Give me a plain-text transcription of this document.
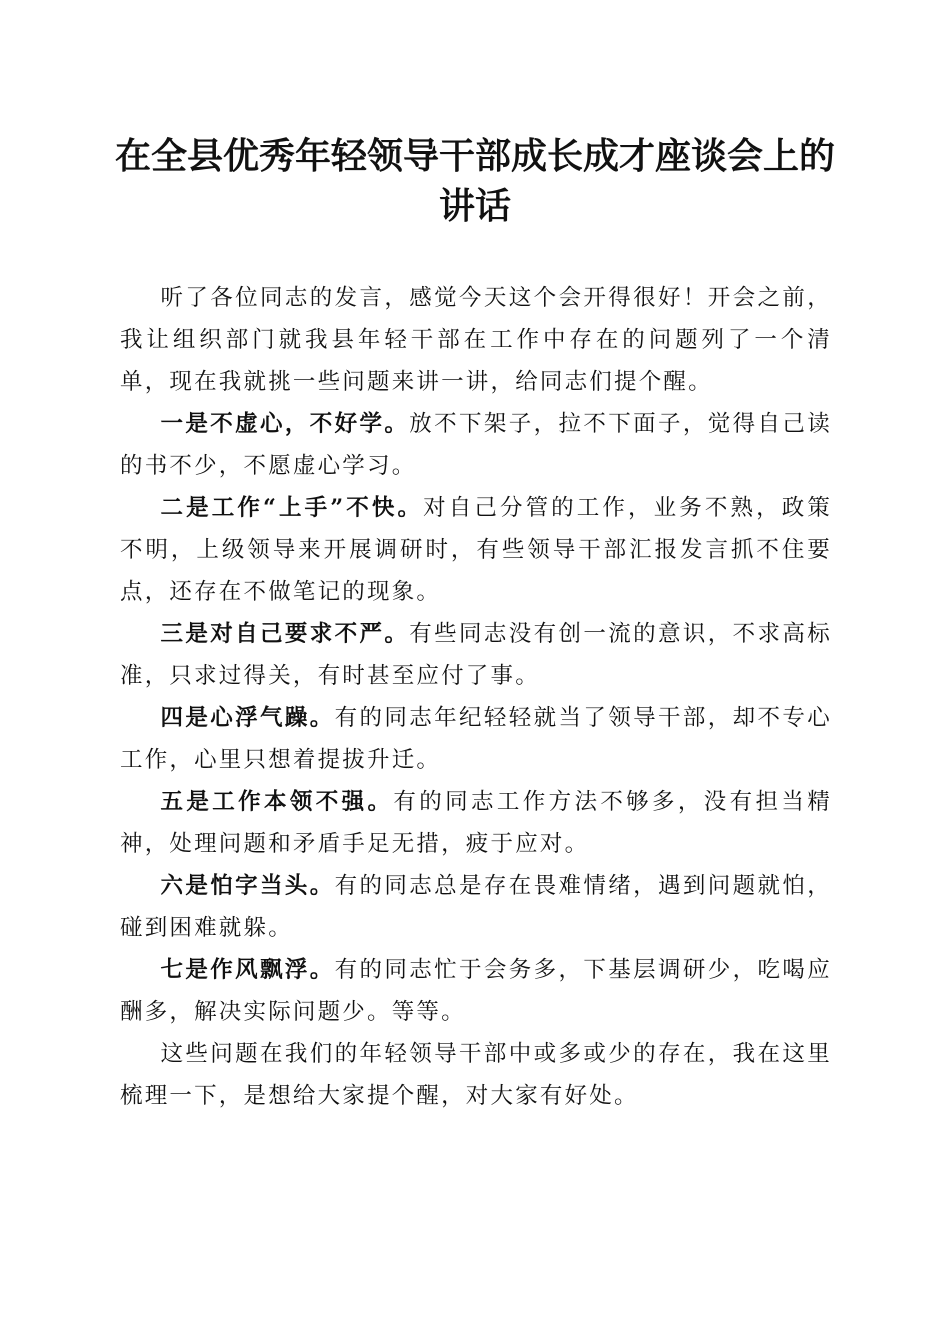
在全县优秀年轻领导干部成长成才座谈会上的讲话

听了各位同志的发言，感觉今天这个会开得很好！开会之前，我让组织部门就我县年轻干部在工作中存在的问题列了一个清单，现在我就挑一些问题来讲一讲，给同志们提个醒。

一是不虚心，不好学。放不下架子，拉不下面子，觉得自己读的书不少，不愿虚心学习。

二是工作“上手”不快。对自己分管的工作，业务不熟，政策不明，上级领导来开展调研时，有些领导干部汇报发言抓不住要点，还存在不做笔记的现象。

三是对自己要求不严。有些同志没有创一流的意识，不求高标准，只求过得关，有时甚至应付了事。

四是心浮气躁。有的同志年纪轻轻就当了领导干部，却不专心工作，心里只想着提拔升迁。

五是工作本领不强。有的同志工作方法不够多，没有担当精神，处理问题和矛盾手足无措，疲于应对。

六是怕字当头。有的同志总是存在畏难情绪，遇到问题就怕，碰到困难就躲。

七是作风飘浮。有的同志忙于会务多，下基层调研少，吃喝应酬多，解决实际问题少。等等。

这些问题在我们的年轻领导干部中或多或少的存在，我在这里梳理一下，是想给大家提个醒，对大家有好处。
